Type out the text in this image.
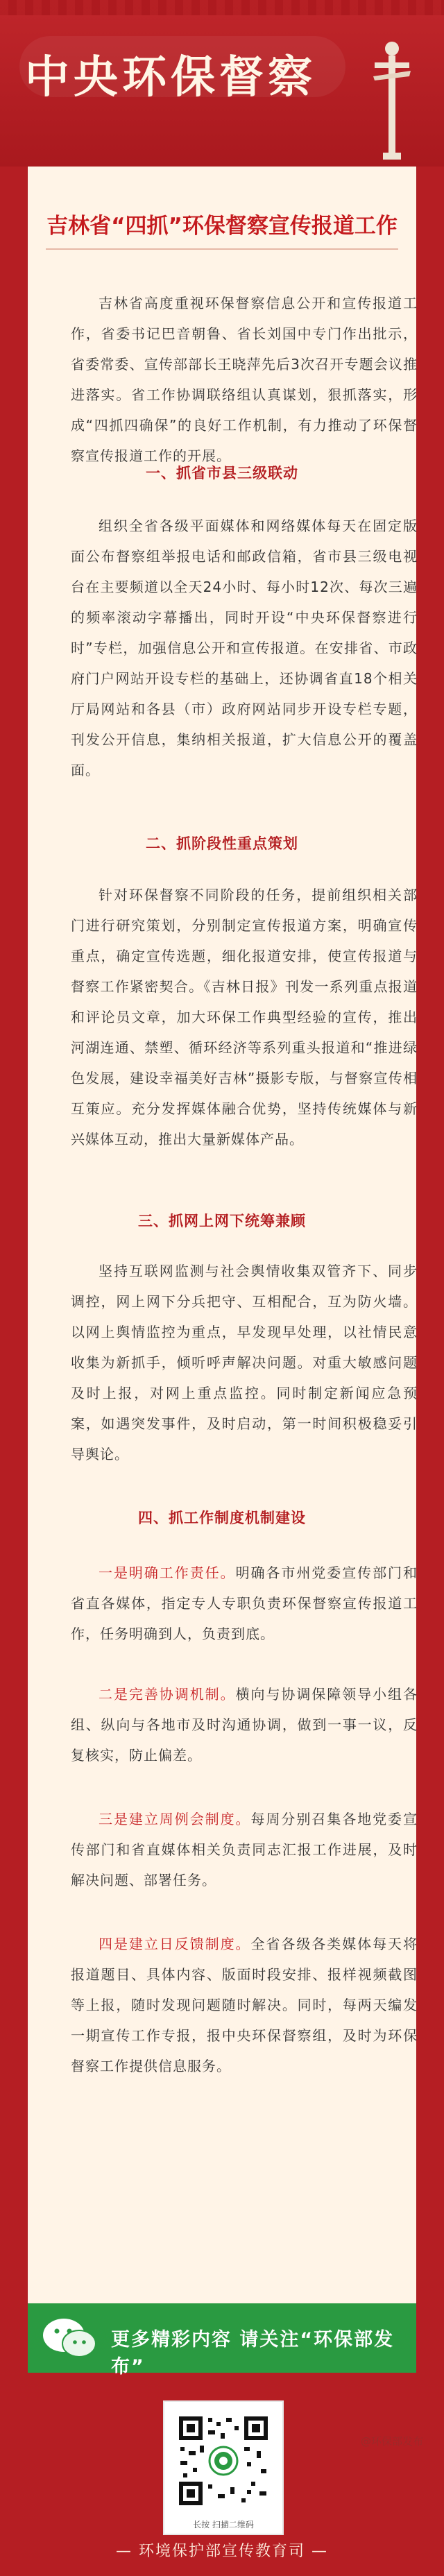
中央环保督察
吉林省“四抓”环保督察宣传报道工作
吉林省高度重视环保督察信息公开和宣传报道工作，省委书记巴音朝鲁、省长刘国中专门作出批示，省委常委、宣传部部长王晓萍先后3次召开专题会议推进落实。省工作协调联络组认真谋划，狠抓落实，形成“四抓四确保”的良好工作机制，有力推动了环保督察宣传报道工作的开展。
一、抓省市县三级联动
组织全省各级平面媒体和网络媒体每天在固定版面公布督察组举报电话和邮政信箱，省市县三级电视台在主要频道以全天24小时、每小时12次、每次三遍的频率滚动字幕播出，同时开设“中央环保督察进行时”专栏，加强信息公开和宣传报道。在安排省、市政府门户网站开设专栏的基础上，还协调省直18个相关厅局网站和各县（市）政府网站同步开设专栏专题，刊发公开信息，集纳相关报道，扩大信息公开的覆盖面。
二、抓阶段性重点策划
针对环保督察不同阶段的任务，提前组织相关部门进行研究策划，分别制定宣传报道方案，明确宣传重点，确定宣传选题，细化报道安排，使宣传报道与督察工作紧密契合。《吉林日报》刊发一系列重点报道和评论员文章，加大环保工作典型经验的宣传，推出河湖连通、禁塑、循环经济等系列重头报道和“推进绿色发展，建设幸福美好吉林”摄影专版，与督察宣传相互策应。充分发挥媒体融合优势，坚持传统媒体与新兴媒体互动，推出大量新媒体产品。
三、抓网上网下统筹兼顾
坚持互联网监测与社会舆情收集双管齐下、同步调控，网上网下分兵把守、互相配合，互为防火墙。以网上舆情监控为重点，早发现早处理，以社情民意收集为新抓手，倾听呼声解决问题。对重大敏感问题及时上报，对网上重点监控。同时制定新闻应急预案，如遇突发事件，及时启动，第一时间积极稳妥引导舆论。
四、抓工作制度机制建设
一是明确工作责任。明确各市州党委宣传部门和省直各媒体，指定专人专职负责环保督察宣传报道工作，任务明确到人，负责到底。
二是完善协调机制。横向与协调保障领导小组各组、纵向与各地市及时沟通协调，做到一事一议，反复核实，防止偏差。
三是建立周例会制度。每周分别召集各地党委宣传部门和省直媒体相关负责同志汇报工作进展，及时解决问题、部署任务。
四是建立日反馈制度。全省各级各类媒体每天将报道题目、具体内容、版面时段安排、报样视频截图等上报，随时发现问题随时解决。同时，每两天编发一期宣传工作专报，报中央环保督察组，及时为环保督察工作提供信息服务。
更多精彩内容 请关注“环保部发布”
长按 扫描二维码
@环保部发布
— 环境保护部宣传教育司 —
